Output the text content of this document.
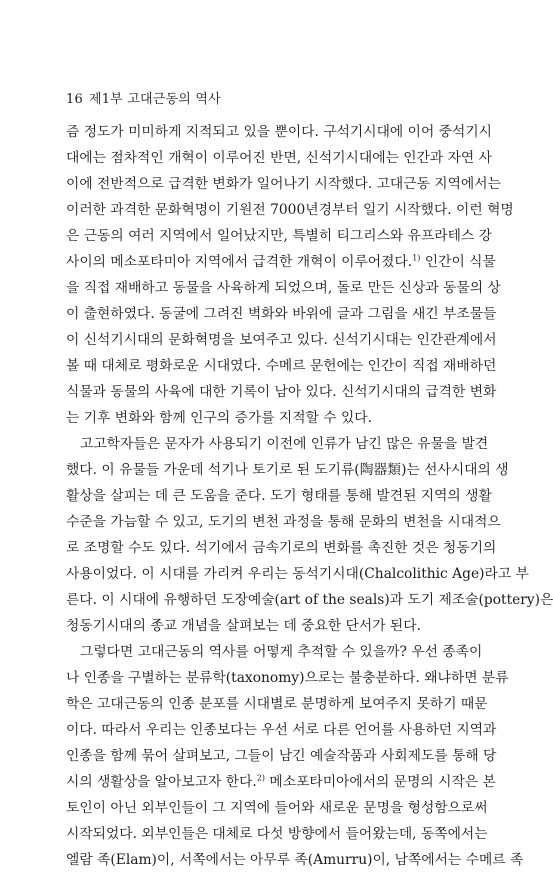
16 제1부 고대근동의 역사
즘 정도가 미미하게 지적되고 있을 뿐이다. 구석기시대에 이어 중석기시
대에는 점차적인 개혁이 이루어진 반면, 신석기시대에는 인간과 자연 사
이에 전반적으로 급격한 변화가 일어나기 시작했다. 고대근동 지역에서는
이러한 과격한 문화혁명이 기원전 7000년경부터 일기 시작했다. 이런 혁명
은 근동의 여러 지역에서 일어났지만, 특별히 티그리스와 유프라테스 강
사이의 메소포타미아 지역에서 급격한 개혁이 이루어졌다.$^{1)}$ 인간이 식물
을 직접 재배하고 동물을 사육하게 되었으며, 돌로 만든 신상과 동물의 상
이 출현하였다. 동굴에 그려진 벽화와 바위에 글과 그림을 새긴 부조물들
이 신석기시대의 문화혁명을 보여주고 있다. 신석기시대는 인간관계에서
볼 때 대체로 평화로운 시대였다. 수메르 문헌에는 인간이 직접 재배하던
식물과 동물의 사육에 대한 기록이 남아 있다. 신석기시대의 급격한 변화
는 기후 변화와 함께 인구의 증가를 지적할 수 있다.
고고학자들은 문자가 사용되기 이전에 인류가 남긴 많은 유물을 발견
했다. 이 유물들 가운데 석기나 토기로 된 도기류(陶器類)는 선사시대의 생
활상을 살피는 데 큰 도움을 준다. 도기 형태를 통해 발견된 지역의 생활
수준을 가늠할 수 있고, 도기의 변천 과정을 통해 문화의 변천을 시대적으
로 조명할 수도 있다. 석기에서 금속기로의 변화를 촉진한 것은 청동기의
사용이었다. 이 시대를 가리켜 우리는 동석기시대(Chalcolithic Age)라고 부
른다. 이 시대에 유행하던 도장예술(art of the seals)과 도기 제조술(pottery)은
청동기시대의 종교 개념을 살펴보는 데 중요한 단서가 된다.
그렇다면 고대근동의 역사를 어떻게 추적할 수 있을까? 우선 종족이
나 인종을 구별하는 분류학(taxonomy)으로는 불충분하다. 왜냐하면 분류
학은 고대근동의 인종 분포를 시대별로 분명하게 보여주지 못하기 때문
이다. 따라서 우리는 인종보다는 우선 서로 다른 언어를 사용하던 지역과
인종을 함께 묶어 살펴보고, 그들이 남긴 예술작품과 사회제도를 통해 당
시의 생활상을 알아보고자 한다.$^{2)}$ 메소포타미아에서의 문명의 시작은 본
토인이 아닌 외부인들이 그 지역에 들어와 새로운 문명을 형성함으로써
시작되었다. 외부인들은 대체로 다섯 방향에서 들어왔는데, 동쪽에서는
엘람 족(Elam)이, 서쪽에서는 아무루 족(Amurru)이, 남쪽에서는 수메르 족
